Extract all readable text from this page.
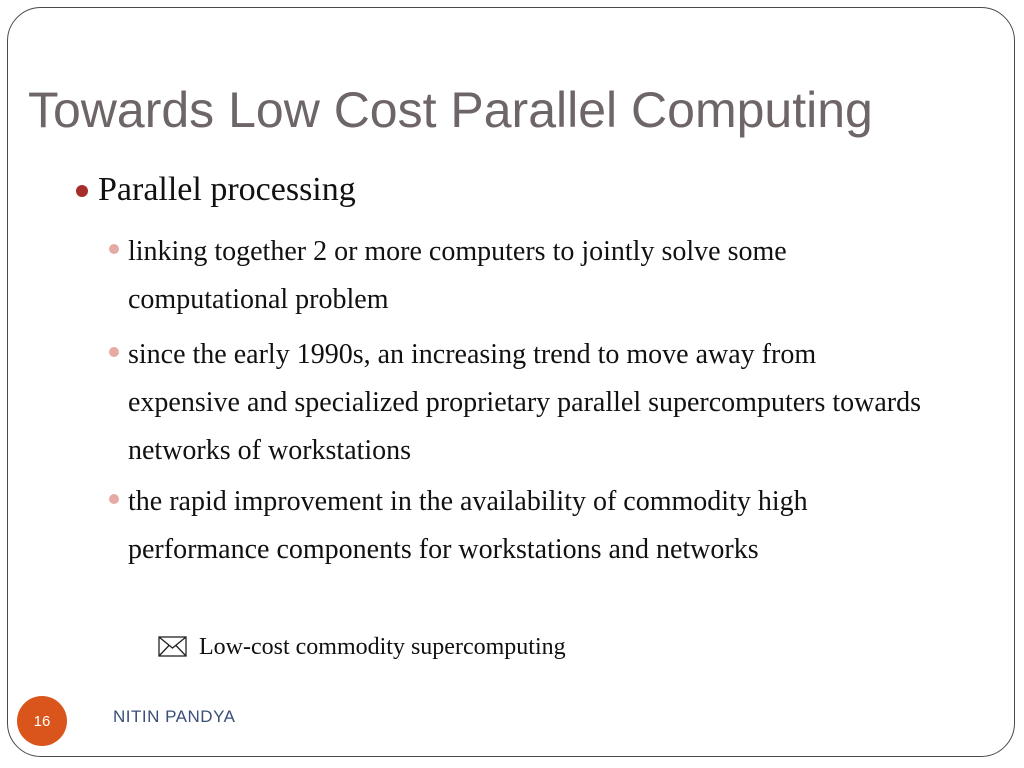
Towards Low Cost Parallel Computing
Parallel processing
linking together 2 or more computers to jointly solve some computational problem
since the early 1990s, an increasing trend to move away from expensive and specialized proprietary parallel supercomputers towards networks of workstations
the rapid improvement in the availability of commodity high performance components for workstations and networks
Low-cost commodity supercomputing
16	NITIN PANDYA
